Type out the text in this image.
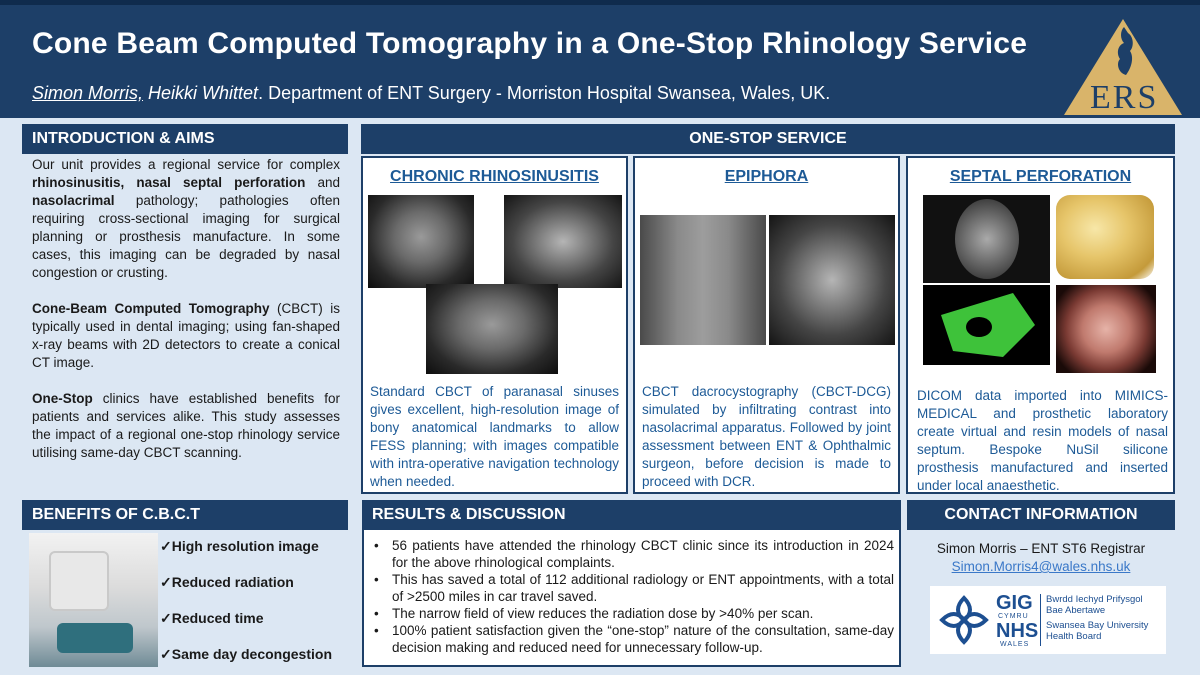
Cone Beam Computed Tomography in a One-Stop Rhinology Service
Simon Morris, Heikki Whittet. Department of ENT Surgery - Morriston Hospital Swansea, Wales, UK.	ERS
INTRODUCTION & AIMS

Our unit provides a regional service for complex rhinosinusitis, nasal septal perforation and nasolacrimal pathology; pathologies often requiring cross-sectional imaging for surgical planning or prosthesis manufacture. In some cases, this imaging can be degraded by nasal congestion or crusting.

Cone-Beam Computed Tomography (CBCT) is typically used in dental imaging; using fan-shaped x-ray beams with 2D detectors to create a conical CT image.

One-Stop clinics have established benefits for patients and services alike. This study assesses the impact of a regional one-stop rhinology service utilising same-day CBCT scanning.

ONE-STOP SERVICE
CHRONIC RHINOSINUSITIS
Standard CBCT of paranasal sinuses gives excellent, high-resolution image of bony anatomical landmarks to allow FESS planning; with images compatible with intra-operative navigation technology when needed.
EPIPHORA
CBCT dacrocystography (CBCT-DCG) simulated by infiltrating contrast into nasolacrimal apparatus. Followed by joint assessment between ENT & Ophthalmic surgeon, before decision is made to proceed with DCR.
SEPTAL PERFORATION
DICOM data imported into MIMICS-MEDICAL and prosthetic laboratory create virtual and resin models of nasal septum. Bespoke NuSil silicone prosthesis manufactured and inserted under local anaesthetic.
BENEFITS OF C.B.C.T
✓High resolution image
✓Reduced radiation
✓Reduced time
✓Same day decongestion
RESULTS & DISCUSSION
• 56 patients have attended the rhinology CBCT clinic since its introduction in 2024 for the above rhinological complaints.
• This has saved a total of 112 additional radiology or ENT appointments, with a total of >2500 miles in car travel saved.
• The narrow field of view reduces the radiation dose by >40% per scan.
• 100% patient satisfaction given the “one-stop” nature of the consultation, same-day decision making and reduced need for unnecessary follow-up.
CONTACT INFORMATION
Simon Morris – ENT ST6 Registrar
Simon.Morris4@wales.nhs.uk
GIG
CYMRU
NHS
WALES
Bwrdd Iechyd Prifysgol
Bae Abertawe
Swansea Bay University
Health Board
